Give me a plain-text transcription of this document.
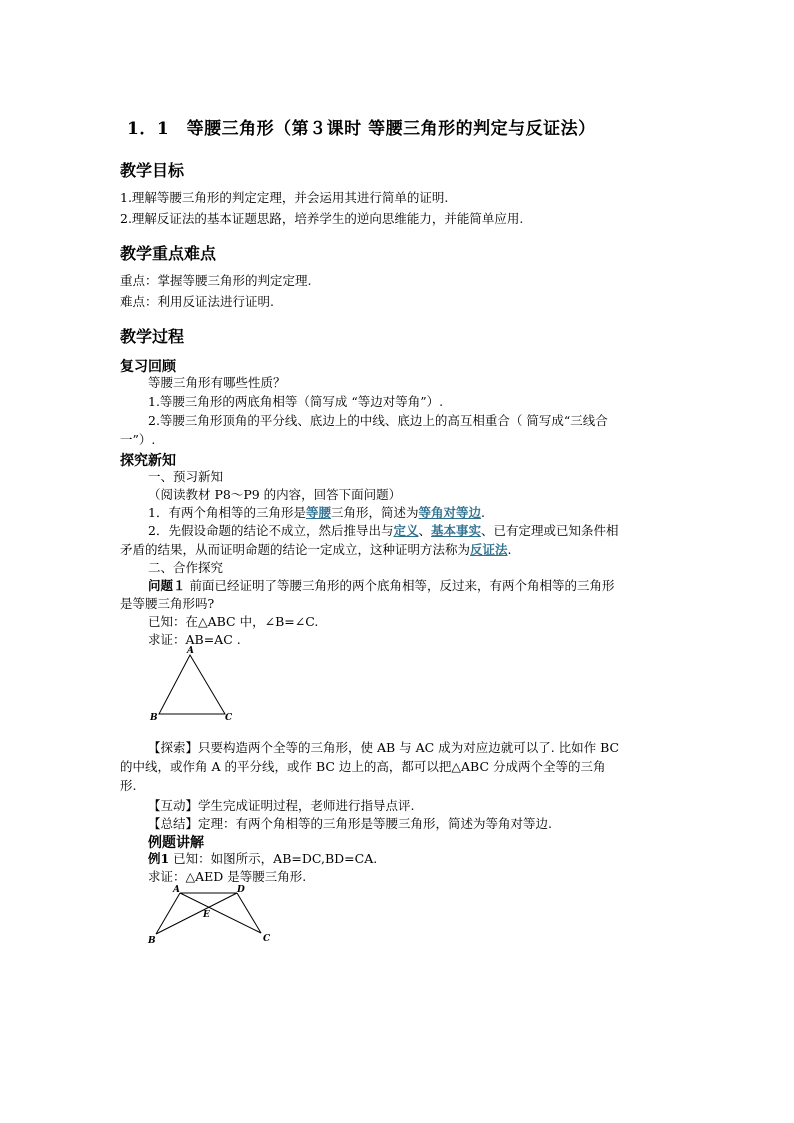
1．1　等腰三角形（第３课时 等腰三角形的判定与反证法）
教学目标
1.理解等腰三角形的判定定理，并会运用其进行简单的证明.
2.理解反证法的基本证题思路，培养学生的逆向思维能力，并能简单应用.
教学重点难点
重点：掌握等腰三角形的判定定理.
难点：利用反证法进行证明.
教学过程
复习回顾
等腰三角形有哪些性质？
1.等腰三角形的两底角相等（简写成 “等边对等角”）.
2.等腰三角形顶角的平分线、底边上的中线、底边上的高互相重合（ 简写成“三线合
一”）.
探究新知
一、预习新知
（阅读教材 P8～P9 的内容，回答下面问题）
1．有两个角相等的三角形是等腰三角形，简述为等角对等边.
2．先假设命题的结论不成立，然后推导出与定义、基本事实、已有定理或已知条件相
矛盾的结果，从而证明命题的结论一定成立，这种证明方法称为反证法.
二、合作探究
问题１ 前面已经证明了等腰三角形的两个底角相等，反过来，有两个角相等的三角形
是等腰三角形吗?
已知：在△ABC 中，∠B=∠C.
求证：AB=AC .
A
B	C
【探索】只要构造两个全等的三角形，使 AB 与 AC 成为对应边就可以了. 比如作 BC
的中线，或作角 A 的平分线，或作 BC 边上的高，都可以把△ABC 分成两个全等的三角
形.
【互动】学生完成证明过程，老师进行指导点评.
【总结】定理：有两个角相等的三角形是等腰三角形，简述为等角对等边.
例题讲解
例1 已知：如图所示，AB=DC,BD=CA.
求证：△AED 是等腰三角形.
A	D
E
B	C
